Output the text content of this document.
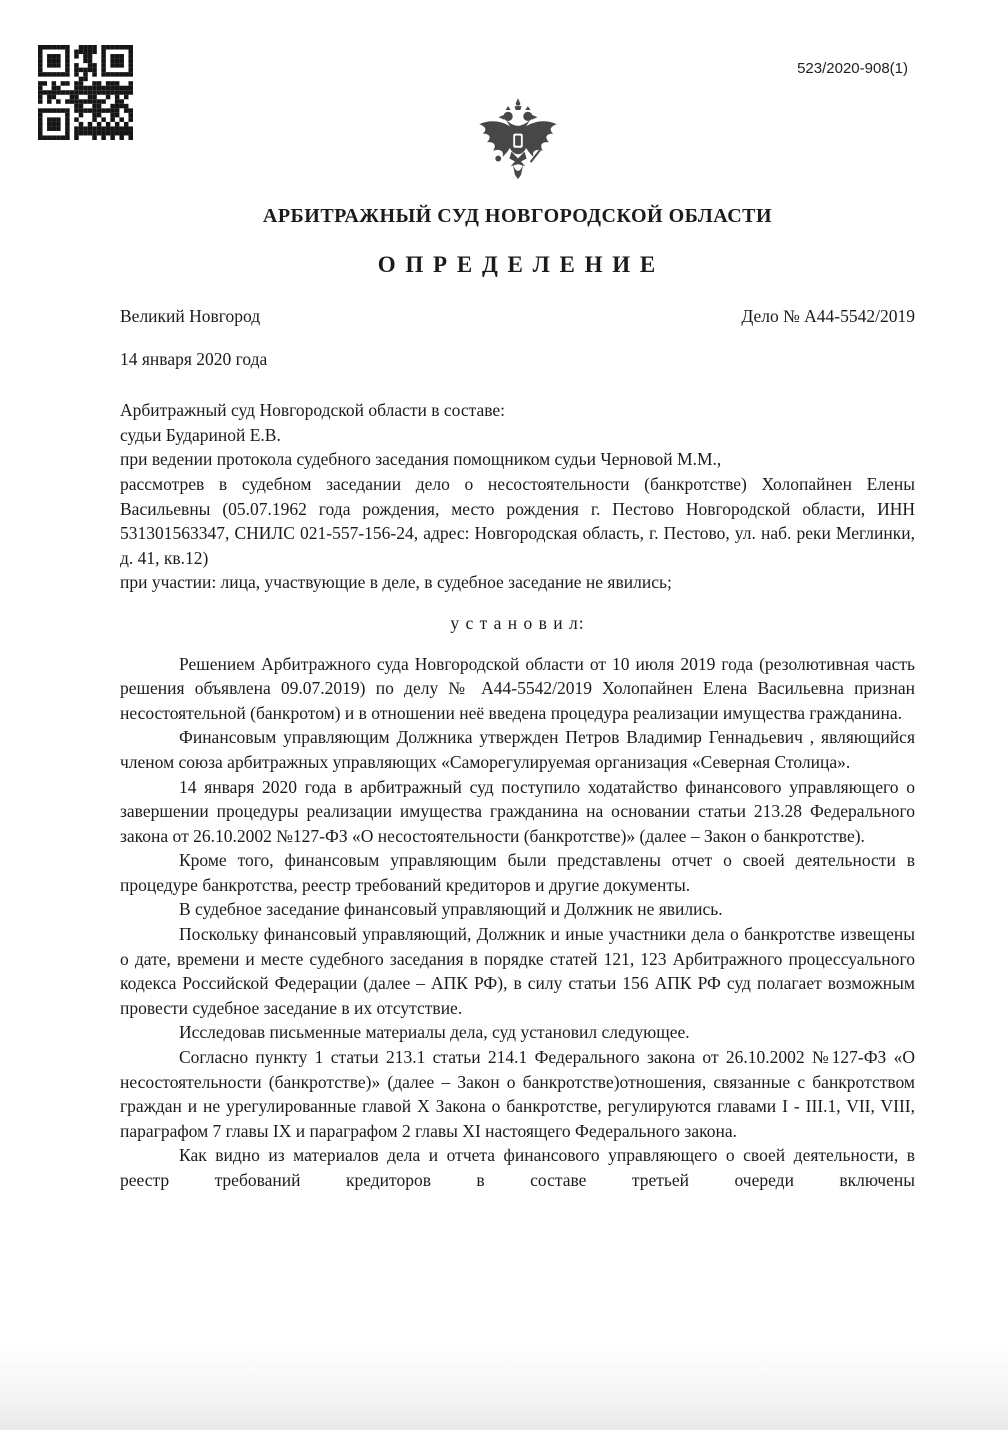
523/2020-908(1)
АРБИТРАЖНЫЙ СУД НОВГОРОДСКОЙ ОБЛАСТИ
О П Р Е Д Е Л Е Н И Е
Великий Новгород	Дело № А44-5542/2019
14 января 2020 года

Арбитражный суд Новгородской области в составе:

судьи Будариной Е.В.

при ведении протокола судебного заседания помощником судьи Черновой М.М.,

рассмотрев в судебном заседании дело о несостоятельности (банкротстве) Холопайнен Елены Васильевны (05.07.1962 года рождения, место рождения г. Пестово Новгородской области, ИНН 531301563347, СНИЛС 021-557-156-24, адрес: Новгородская область, г. Пестово, ул. наб. реки Меглинки, д. 41, кв.12)

при участии: лица, участвующие в деле, в судебное заседание не явились;

у с т а н о в и л:

Решением Арбитражного суда Новгородской области от 10 июля 2019 года (резолютивная часть решения объявлена 09.07.2019) по делу № А44-5542/2019 Холопайнен Елена Васильевна признан несостоятельной (банкротом) и в отношении неё введена процедура реализации имущества гражданина.

Финансовым управляющим Должника утвержден Петров Владимир Геннадьевич , являющийся членом союза арбитражных управляющих «Саморегулируемая организация «Северная Столица».

14 января 2020 года в арбитражный суд поступило ходатайство финансового управляющего о завершении процедуры реализации имущества гражданина на основании статьи 213.28 Федерального закона от 26.10.2002 №127-ФЗ «О несостоятельности (банкротстве)» (далее – Закон о банкротстве).

Кроме того, финансовым управляющим были представлены отчет о своей деятельности в процедуре банкротства, реестр требований кредиторов и другие документы.

В судебное заседание финансовый управляющий и Должник не явились.

Поскольку финансовый управляющий, Должник и иные участники дела о банкротстве извещены о дате, времени и месте судебного заседания в порядке статей 121, 123 Арбитражного процессуального кодекса Российской Федерации (далее – АПК РФ), в силу статьи 156 АПК РФ суд полагает возможным провести судебное заседание в их отсутствие.

Исследовав письменные материалы дела, суд установил следующее.

Согласно пункту 1 статьи 213.1 статьи 214.1 Федерального закона от 26.10.2002 №127-ФЗ «О несостоятельности (банкротстве)» (далее – Закон о банкротстве)отношения, связанные с банкротством граждан и не урегулированные главой X Закона о банкротстве, регулируются главами I - III.1, VII, VIII, параграфом 7 главы IX и параграфом 2 главы XI настоящего Федерального закона.

Как видно из материалов дела и отчета финансового управляющего о своей деятельности, в реестр требований кредиторов в составе третьей очереди включены
